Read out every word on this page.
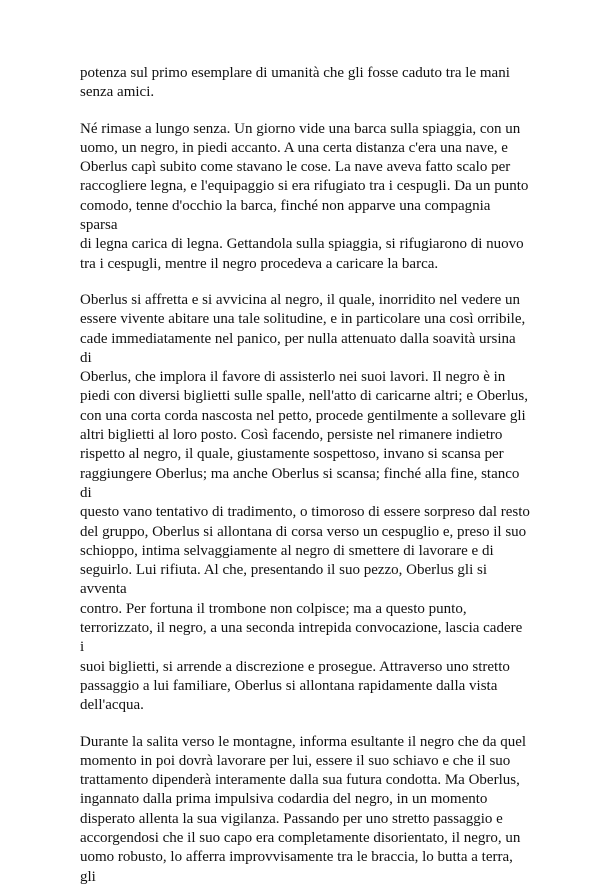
potenza sul primo esemplare di umanità che gli fosse caduto tra le mani
senza amici.

Né rimase a lungo senza. Un giorno vide una barca sulla spiaggia, con un
uomo, un negro, in piedi accanto. A una certa distanza c'era una nave, e
Oberlus capì subito come stavano le cose. La nave aveva fatto scalo per
raccogliere legna, e l'equipaggio si era rifugiato tra i cespugli. Da un punto
comodo, tenne d'occhio la barca, finché non apparve una compagnia sparsa
di legna carica di legna. Gettandola sulla spiaggia, si rifugiarono di nuovo
tra i cespugli, mentre il negro procedeva a caricare la barca.

Oberlus si affretta e si avvicina al negro, il quale, inorridito nel vedere un
essere vivente abitare una tale solitudine, e in particolare una così orribile,
cade immediatamente nel panico, per nulla attenuato dalla soavità ursina di
Oberlus, che implora il favore di assisterlo nei suoi lavori. Il negro è in
piedi con diversi biglietti sulle spalle, nell'atto di caricarne altri; e Oberlus,
con una corta corda nascosta nel petto, procede gentilmente a sollevare gli
altri biglietti al loro posto. Così facendo, persiste nel rimanere indietro
rispetto al negro, il quale, giustamente sospettoso, invano si scansa per
raggiungere Oberlus; ma anche Oberlus si scansa; finché alla fine, stanco di
questo vano tentativo di tradimento, o timoroso di essere sorpreso dal resto
del gruppo, Oberlus si allontana di corsa verso un cespuglio e, preso il suo
schioppo, intima selvaggiamente al negro di smettere di lavorare e di
seguirlo. Lui rifiuta. Al che, presentando il suo pezzo, Oberlus gli si avventa
contro. Per fortuna il trombone non colpisce; ma a questo punto,
terrorizzato, il negro, a una seconda intrepida convocazione, lascia cadere i
suoi biglietti, si arrende a discrezione e prosegue. Attraverso uno stretto
passaggio a lui familiare, Oberlus si allontana rapidamente dalla vista
dell'acqua.

Durante la salita verso le montagne, informa esultante il negro che da quel
momento in poi dovrà lavorare per lui, essere il suo schiavo e che il suo
trattamento dipenderà interamente dalla sua futura condotta. Ma Oberlus,
ingannato dalla prima impulsiva codardia del negro, in un momento
disperato allenta la sua vigilanza. Passando per uno stretto passaggio e
accorgendosi che il suo capo era completamente disorientato, il negro, un
uomo robusto, lo afferra improvvisamente tra le braccia, lo butta a terra, gli
